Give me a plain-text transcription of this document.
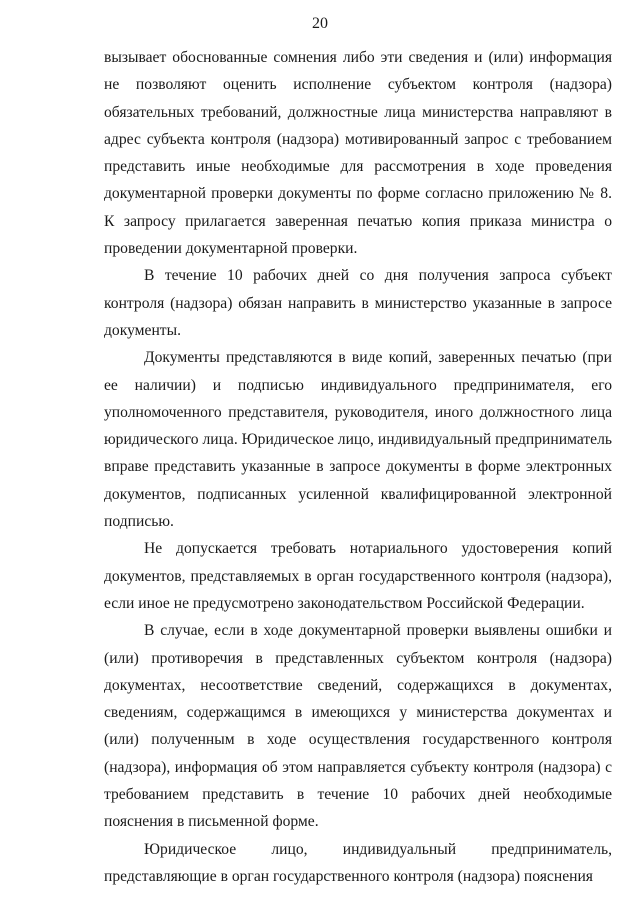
20

вызывает обоснованные сомнения либо эти сведения и (или) информация не позволяют оценить исполнение субъектом контроля (надзора) обязательных требований, должностные лица министерства направляют в адрес субъекта контроля (надзора) мотивированный запрос с требованием представить иные необходимые для рассмотрения в ходе проведения документарной проверки документы по форме согласно приложению № 8. К запросу прилагается заверенная печатью копия приказа министра о проведении документарной проверки.

В течение 10 рабочих дней со дня получения запроса субъект контроля (надзора) обязан направить в министерство указанные в запросе документы.

Документы представляются в виде копий, заверенных печатью (при ее наличии) и подписью индивидуального предпринимателя, его уполномоченного представителя, руководителя, иного должностного лица юридического лица. Юридическое лицо, индивидуальный предприниматель вправе представить указанные в запросе документы в форме электронных документов, подписанных усиленной квалифицированной электронной подписью.

Не допускается требовать нотариального удостоверения копий документов, представляемых в орган государственного контроля (надзора), если иное не предусмотрено законодательством Российской Федерации.

В случае, если в ходе документарной проверки выявлены ошибки и (или) противоречия в представленных субъектом контроля (надзора) документах, несоответствие сведений, содержащихся в документах, сведениям, содержащимся в имеющихся у министерства документах и (или) полученным в ходе осуществления государственного контроля (надзора), информация об этом направляется субъекту контроля (надзора) с требованием представить в течение 10 рабочих дней необходимые пояснения в письменной форме.

Юридическое лицо, индивидуальный предприниматель, представляющие в орган государственного контроля (надзора) пояснения
